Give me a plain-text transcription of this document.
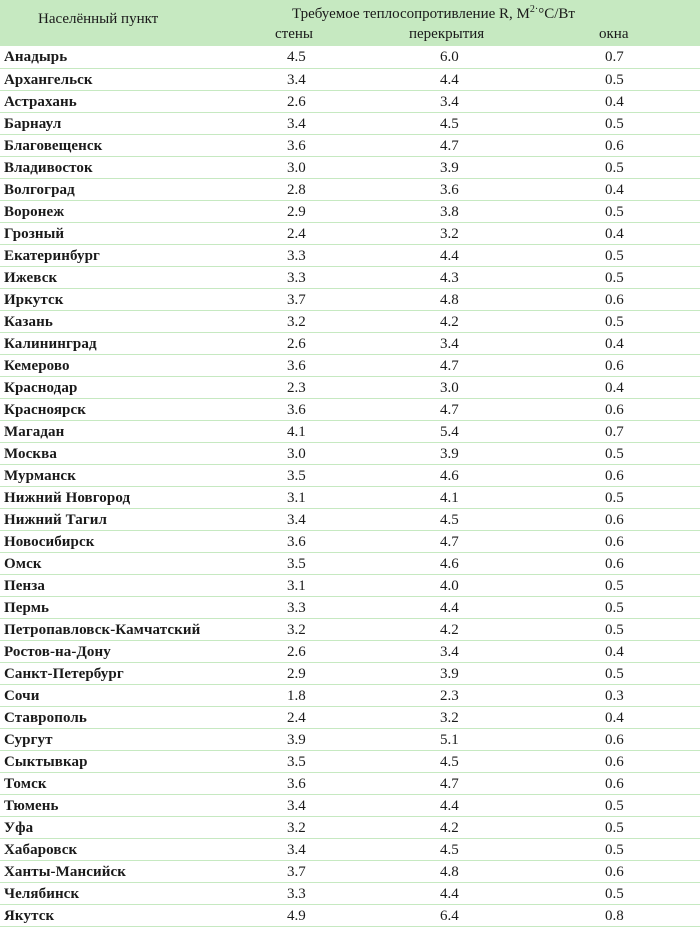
Населённый пункт	Требуемое теплосопротивление R, $М^{2\cdot}^\circ С/Вт$
стены	перекрытия	окна
Анадырь	4.5	6.0	0.7
Архангельск	3.4	4.4	0.5
Астрахань	2.6	3.4	0.4
Барнаул	3.4	4.5	0.5
Благовещенск	3.6	4.7	0.6
Владивосток	3.0	3.9	0.5
Волгоград	2.8	3.6	0.4
Воронеж	2.9	3.8	0.5
Грозный	2.4	3.2	0.4
Екатеринбург	3.3	4.4	0.5
Ижевск	3.3	4.3	0.5
Иркутск	3.7	4.8	0.6
Казань	3.2	4.2	0.5
Калининград	2.6	3.4	0.4
Кемерово	3.6	4.7	0.6
Краснодар	2.3	3.0	0.4
Красноярск	3.6	4.7	0.6
Магадан	4.1	5.4	0.7
Москва	3.0	3.9	0.5
Мурманск	3.5	4.6	0.6
Нижний Новгород	3.1	4.1	0.5
Нижний Тагил	3.4	4.5	0.6
Новосибирск	3.6	4.7	0.6
Омск	3.5	4.6	0.6
Пенза	3.1	4.0	0.5
Пермь	3.3	4.4	0.5
Петропавловск-Камчатский	3.2	4.2	0.5
Ростов-на-Дону	2.6	3.4	0.4
Санкт-Петербург	2.9	3.9	0.5
Сочи	1.8	2.3	0.3
Ставрополь	2.4	3.2	0.4
Сургут	3.9	5.1	0.6
Сыктывкар	3.5	4.5	0.6
Томск	3.6	4.7	0.6
Тюмень	3.4	4.4	0.5
Уфа	3.2	4.2	0.5
Хабаровск	3.4	4.5	0.5
Ханты-Мансийск	3.7	4.8	0.6
Челябинск	3.3	4.4	0.5
Якутск	4.9	6.4	0.8
